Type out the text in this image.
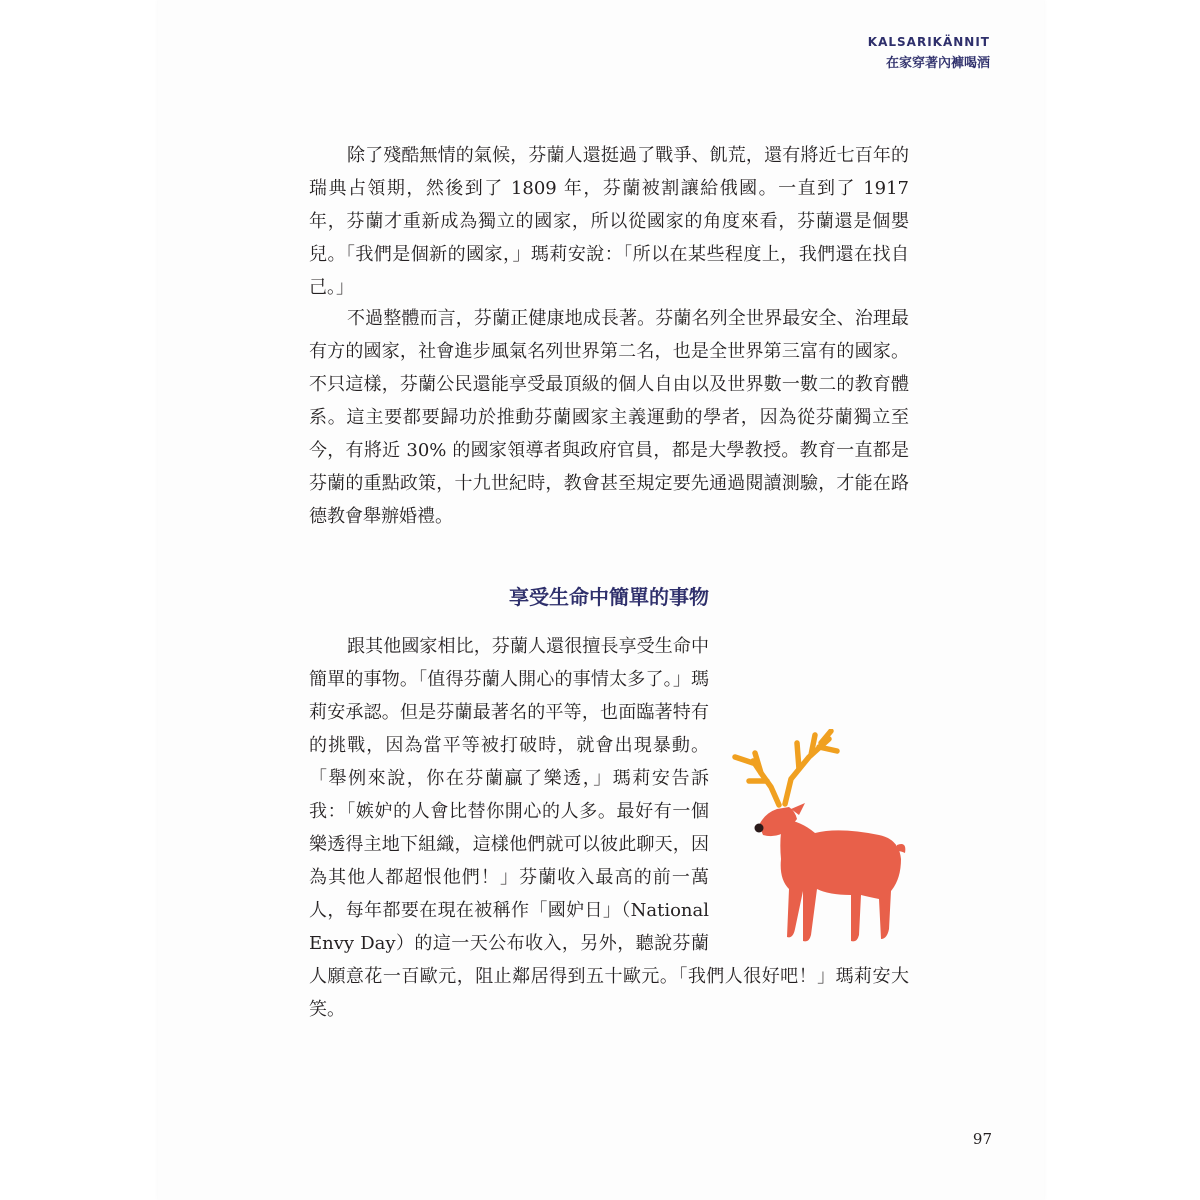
KALSARIKÄNNIT
在家穿著內褲喝酒

除了殘酷無情的氣候，芬蘭人還挺過了戰爭、飢荒，還有將近七百年的瑞典占領期，然後到了 1809 年，芬蘭被割讓給俄國。一直到了 1917 年，芬蘭才重新成為獨立的國家，所以從國家的角度來看，芬蘭還是個嬰兒。「我們是個新的國家，」瑪莉安說：「所以在某些程度上，我們還在找自己。」

不過整體而言，芬蘭正健康地成長著。芬蘭名列全世界最安全、治理最有方的國家，社會進步風氣名列世界第二名，也是全世界第三富有的國家。不只這樣，芬蘭公民還能享受最頂級的個人自由以及世界數一數二的教育體系。這主要都要歸功於推動芬蘭國家主義運動的學者，因為從芬蘭獨立至今，有將近 30% 的國家領導者與政府官員，都是大學教授。教育一直都是芬蘭的重點政策，十九世紀時，教會甚至規定要先通過閱讀測驗，才能在路德教會舉辦婚禮。

享受生命中簡單的事物

跟其他國家相比，芬蘭人還很擅長享受生命中簡單的事物。「值得芬蘭人開心的事情太多了。」瑪莉安承認。但是芬蘭最著名的平等，也面臨著特有的挑戰，因為當平等被打破時，就會出現暴動。「舉例來說，你在芬蘭贏了樂透，」瑪莉安告訴我：「嫉妒的人會比替你開心的人多。最好有一個樂透得主地下組織，這樣他們就可以彼此聊天，因為其他人都超恨他們！」芬蘭收入最高的前一萬人，每年都要在現在被稱作「國妒日」（National Envy Day）的這一天公布收入，另外，聽說芬蘭人願意花一百歐元，阻止鄰居得到五十歐元。「我們人很好吧！」瑪莉安大笑。

97
